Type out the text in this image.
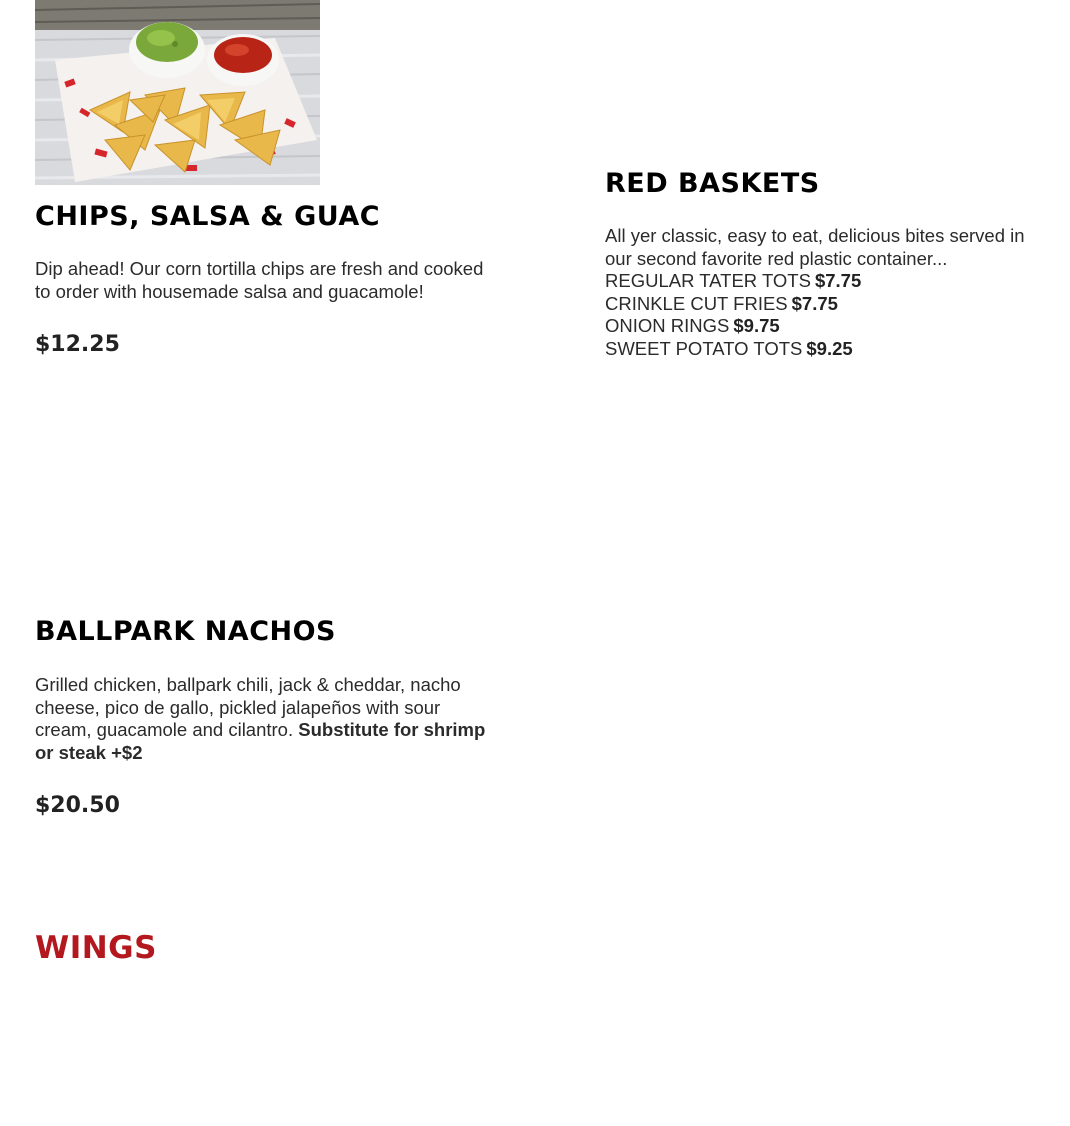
CHIPS, SALSA & GUAC
Dip ahead! Our corn tortilla chips are fresh and cooked to order with housemade salsa and guacamole!
$12.25
RED BASKETS
All yer classic, easy to eat, delicious bites served in our second favorite red plastic container...
REGULAR TATER TOTS $7.75
CRINKLE CUT FRIES $7.75
ONION RINGS $9.75
SWEET POTATO TOTS $9.25
BALLPARK NACHOS
Grilled chicken, ballpark chili, jack & cheddar, nacho cheese, pico de gallo, pickled jalapeños with sour cream, guacamole and cilantro. Substitute for shrimp or steak +$2
$20.50
WINGS
